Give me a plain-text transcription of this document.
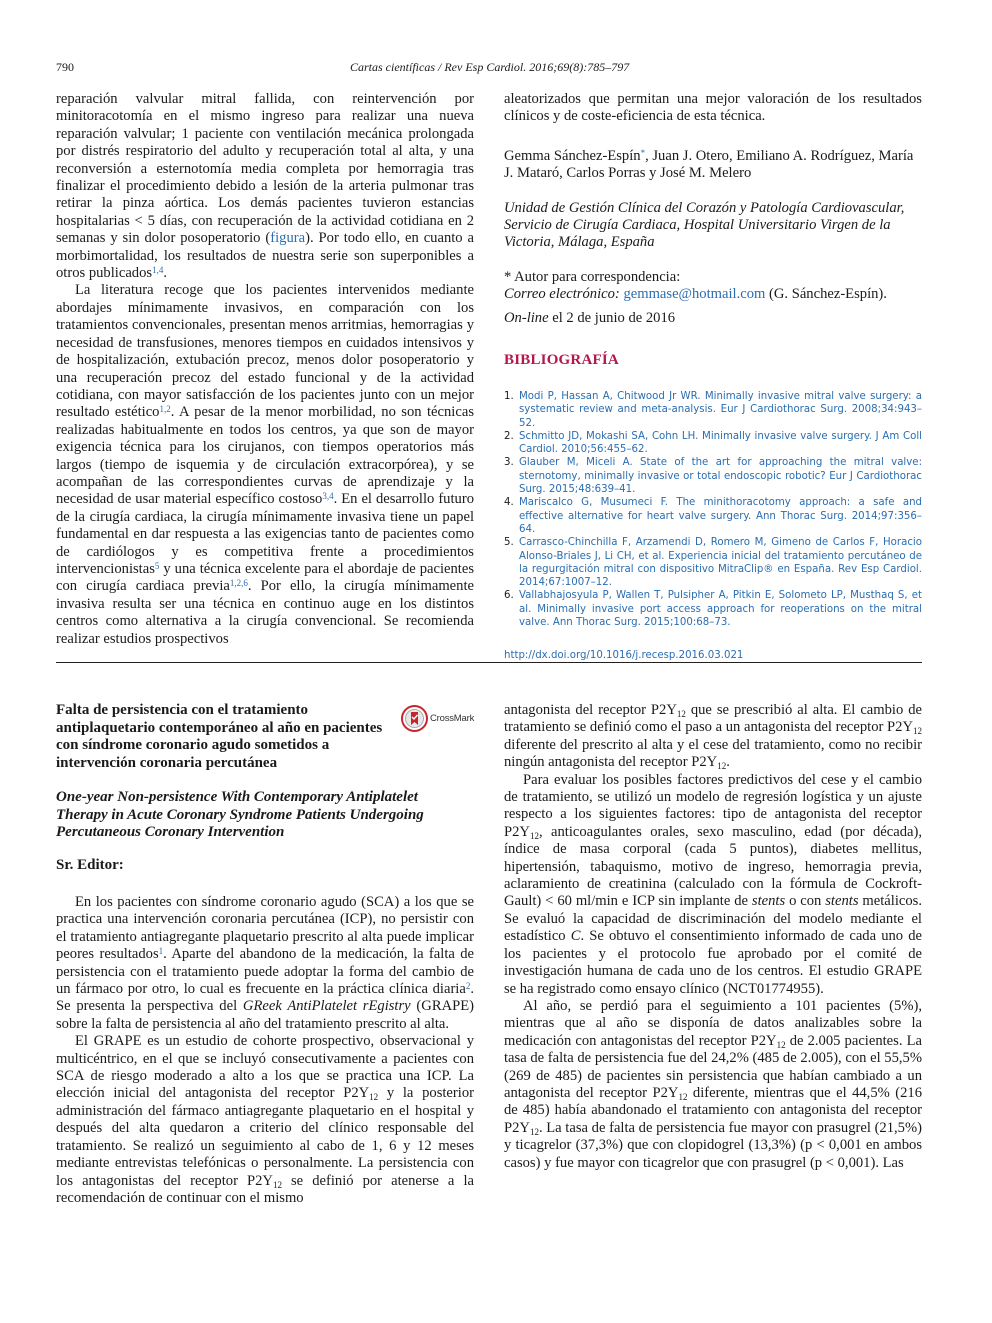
790	Cartas científicas / Rev Esp Cardiol. 2016;69(8):785–797

reparación valvular mitral fallida, con reintervención por minitoracotomía en el mismo ingreso para realizar una nueva reparación valvular; 1 paciente con ventilación mecánica prolongada por distrés respiratorio del adulto y recuperación total al alta, y una reconversión a esternotomía media completa por hemorragia tras finalizar el procedimiento debido a lesión de la arteria pulmonar tras retirar la pinza aórtica. Los demás pacientes tuvieron estancias hospitalarias < 5 días, con recuperación de la actividad cotidiana en 2 semanas y sin dolor posoperatorio (figura). Por todo ello, en cuanto a morbimortalidad, los resultados de nuestra serie son superponibles a otros publicados$^{1,4}$.

La literatura recoge que los pacientes intervenidos mediante abordajes mínimamente invasivos, en comparación con los tratamientos convencionales, presentan menos arritmias, hemorragias y necesidad de transfusiones, menores tiempos en cuidados intensivos y de hospitalización, extubación precoz, menos dolor posoperatorio y una recuperación precoz del estado funcional y de la actividad cotidiana, con mayor satisfacción de los pacientes junto con un mejor resultado estético$^{1,2}$. A pesar de la menor morbilidad, no son técnicas realizadas habitualmente en todos los centros, ya que son de mayor exigencia técnica para los cirujanos, con tiempos operatorios más largos (tiempo de isquemia y de circulación extracorpórea), y se acompañan de las correspondientes curvas de aprendizaje y la necesidad de usar material específico costoso$^{3,4}$. En el desarrollo futuro de la cirugía cardiaca, la cirugía mínimamente invasiva tiene un papel fundamental en dar respuesta a las exigencias tanto de pacientes como de cardiólogos y es competitiva frente a procedimientos intervencionistas$^5$ y una técnica excelente para el abordaje de pacientes con cirugía cardiaca previa$^{1,2,6}$. Por ello, la cirugía mínimamente invasiva resulta ser una técnica en continuo auge en los distintos centros como alternativa a la cirugía convencional. Se recomienda realizar estudios prospectivos

aleatorizados que permitan una mejor valoración de los resultados clínicos y de coste-eficiencia de esta técnica.

Gemma Sánchez-Espín*, Juan J. Otero, Emiliano A. Rodríguez, María J. Mataró, Carlos Porras y José M. Melero

Unidad de Gestión Clínica del Corazón y Patología Cardiovascular, Servicio de Cirugía Cardiaca, Hospital Universitario Virgen de la Victoria, Málaga, España

* Autor para correspondencia:

Correo electrónico: gemmase@hotmail.com (G. Sánchez-Espín).

On-line el 2 de junio de 2016

BIBLIOGRAFÍA
1. Modi P, Hassan A, Chitwood Jr WR. Minimally invasive mitral valve surgery: a systematic review and meta-analysis. Eur J Cardiothorac Surg. 2008;34:943–52.
2. Schmitto JD, Mokashi SA, Cohn LH. Minimally invasive valve surgery. J Am Coll Cardiol. 2010;56:455–62.
3. Glauber M, Miceli A. State of the art for approaching the mitral valve: sternotomy, minimally invasive or total endoscopic robotic? Eur J Cardiothorac Surg. 2015;48:639–41.
4. Mariscalco G, Musumeci F. The minithoracotomy approach: a safe and effective alternative for heart valve surgery. Ann Thorac Surg. 2014;97:356–64.
5. Carrasco-Chinchilla F, Arzamendi D, Romero M, Gimeno de Carlos F, Horacio Alonso-Briales J, Li CH, et al. Experiencia inicial del tratamiento percutáneo de la regurgitación mitral con dispositivo MitraClip® en España. Rev Esp Cardiol. 2014;67:1007–12.
6. Vallabhajosyula P, Wallen T, Pulsipher A, Pitkin E, Solometo LP, Musthaq S, et al. Minimally invasive port access approach for reoperations on the mitral valve. Ann Thorac Surg. 2015;100:68–73.
http://dx.doi.org/10.1016/j.recesp.2016.03.021
Falta de persistencia con el tratamiento antiplaquetario contemporáneo al año en pacientes con síndrome coronario agudo sometidos a intervención coronaria percutánea
CrossMark
One-year Non-persistence With Contemporary Antiplatelet Therapy in Acute Coronary Syndrome Patients Undergoing Percutaneous Coronary Intervention
Sr. Editor:

En los pacientes con síndrome coronario agudo (SCA) a los que se practica una intervención coronaria percutánea (ICP), no persistir con el tratamiento antiagregante plaquetario prescrito al alta puede implicar peores resultados$^1$. Aparte del abandono de la medicación, la falta de persistencia con el tratamiento puede adoptar la forma del cambio de un fármaco por otro, lo cual es frecuente en la práctica clínica diaria$^2$. Se presenta la perspectiva del GReek AntiPlatelet rEgistry (GRAPE) sobre la falta de persistencia al año del tratamiento prescrito al alta.

El GRAPE es un estudio de cohorte prospectivo, observacional y multicéntrico, en el que se incluyó consecutivamente a pacientes con SCA de riesgo moderado a alto a los que se practica una ICP. La elección inicial del antagonista del receptor $P2Y_{12}$ y la posterior administración del fármaco antiagregante plaquetario en el hospital y después del alta quedaron a criterio del clínico responsable del tratamiento. Se realizó un seguimiento al cabo de 1, 6 y 12 meses mediante entrevistas telefónicas o personalmente. La persistencia con los antagonistas del receptor $P2Y_{12}$ se definió por atenerse a la recomendación de continuar con el mismo

antagonista del receptor $P2Y_{12}$ que se prescribió al alta. El cambio de tratamiento se definió como el paso a un antagonista del receptor $P2Y_{12}$ diferente del prescrito al alta y el cese del tratamiento, como no recibir ningún antagonista del receptor $P2Y_{12}$.

Para evaluar los posibles factores predictivos del cese y el cambio de tratamiento, se utilizó un modelo de regresión logística y un ajuste respecto a los siguientes factores: tipo de antagonista del receptor $P2Y_{12}$, anticoagulantes orales, sexo masculino, edad (por década), índice de masa corporal (cada 5 puntos), diabetes mellitus, hipertensión, tabaquismo, motivo de ingreso, hemorragia previa, aclaramiento de creatinina (calculado con la fórmula de Cockroft-Gault) < 60 ml/min e ICP sin implante de stents o con stents metálicos. Se evaluó la capacidad de discriminación del modelo mediante el estadístico C. Se obtuvo el consentimiento informado de cada uno de los pacientes y el protocolo fue aprobado por el comité de investigación humana de cada uno de los centros. El estudio GRAPE se ha registrado como ensayo clínico (NCT01774955).

Al año, se perdió para el seguimiento a 101 pacientes (5%), mientras que al año se disponía de datos analizables sobre la medicación con antagonistas del receptor $P2Y_{12}$ de 2.005 pacientes. La tasa de falta de persistencia fue del 24,2% (485 de 2.005), con el 55,5% (269 de 485) de pacientes sin persistencia que habían cambiado a un antagonista del receptor $P2Y_{12}$ diferente, mientras que el 44,5% (216 de 485) había abandonado el tratamiento con antagonista del receptor $P2Y_{12}$. La tasa de falta de persistencia fue mayor con prasugrel (21,5%) y ticagrelor (37,3%) que con clopidogrel (13,3%) (p < 0,001 en ambos casos) y fue mayor con ticagrelor que con prasugrel (p < 0,001). Las
